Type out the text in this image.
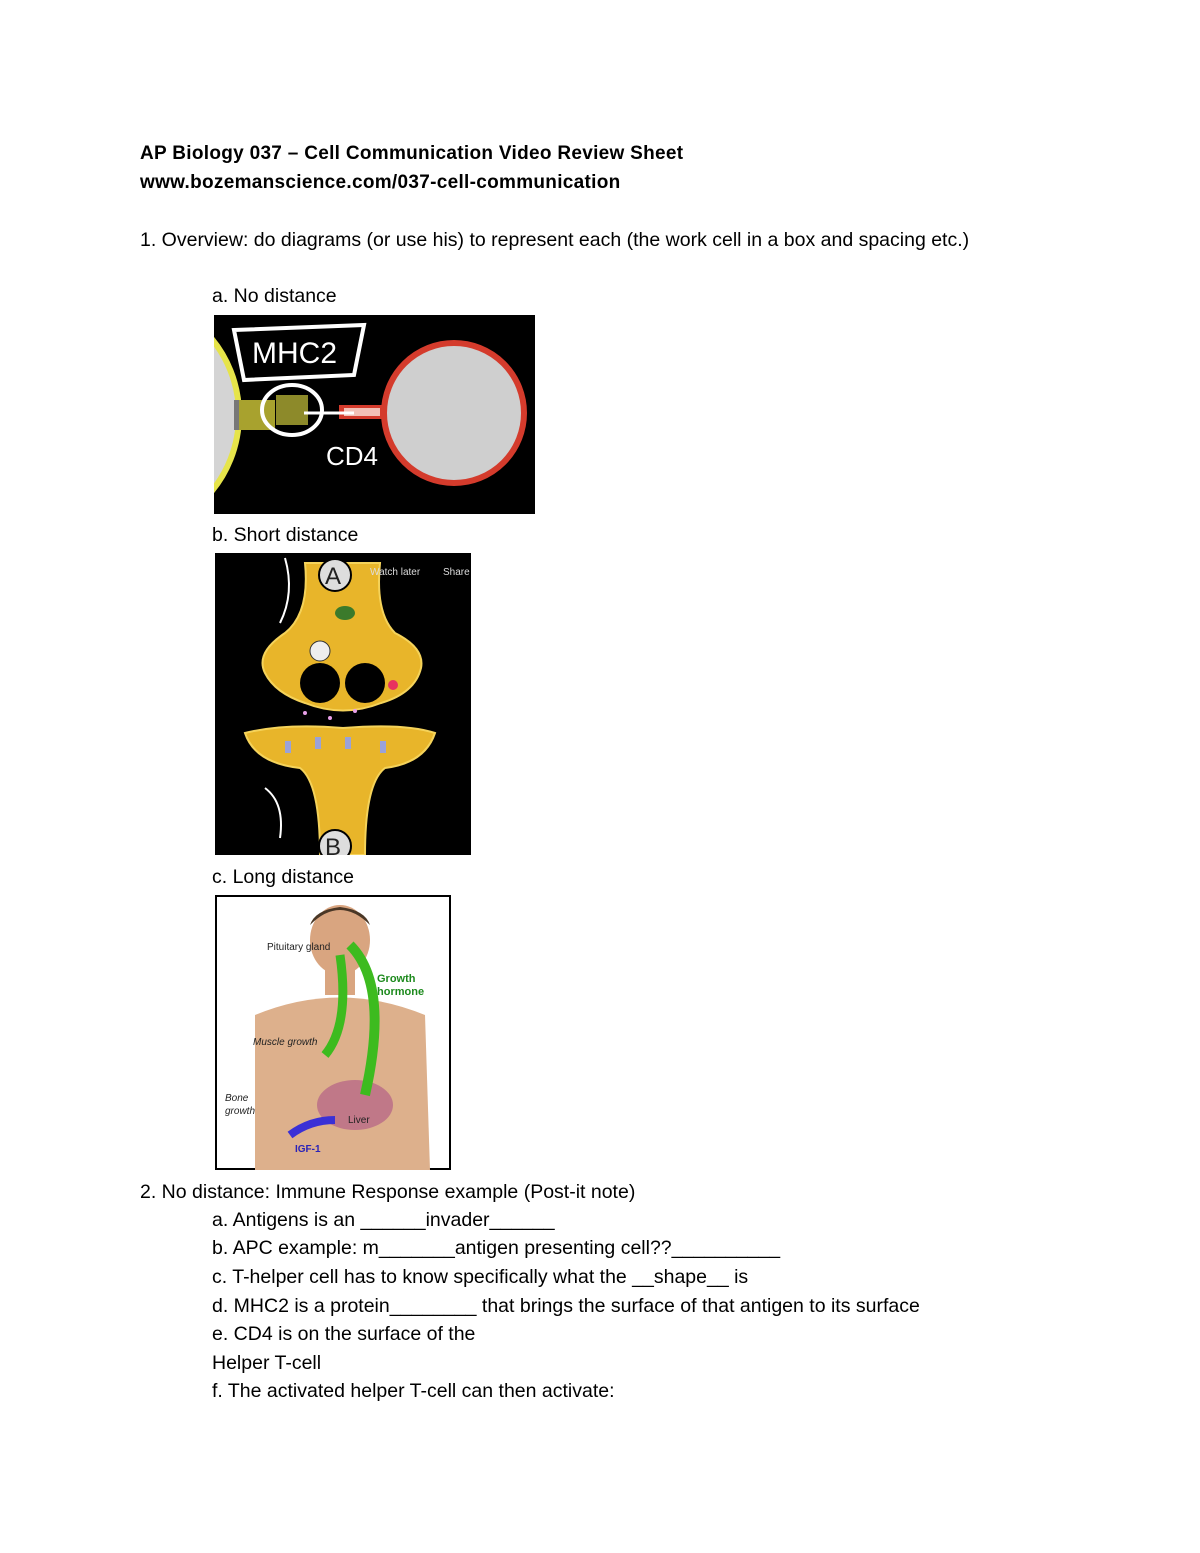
AP Biology 037 – Cell Communication Video Review Sheet
www.bozemanscience.com/037-cell-communication
1. Overview: do diagrams (or use his) to represent each (the work cell in a box and spacing etc.)
a. No distance
MHC2
CD4
b. Short distance
A
B
Watch later Share
c. Long distance
Pituitary gland
Growth
hormone
Muscle growth
Bone
growth
Liver
IGF-1
2. No distance: Immune Response example (Post-it note)
a. Antigens is an ______invader______
b. APC example: m_______antigen presenting cell??__________
c. T-helper cell has to know specifically what the __shape__ is
d. MHC2 is a protein________ that brings the surface of that antigen to its surface
e. CD4 is on the surface of the
Helper T-cell
f. The activated helper T-cell can then activate:
